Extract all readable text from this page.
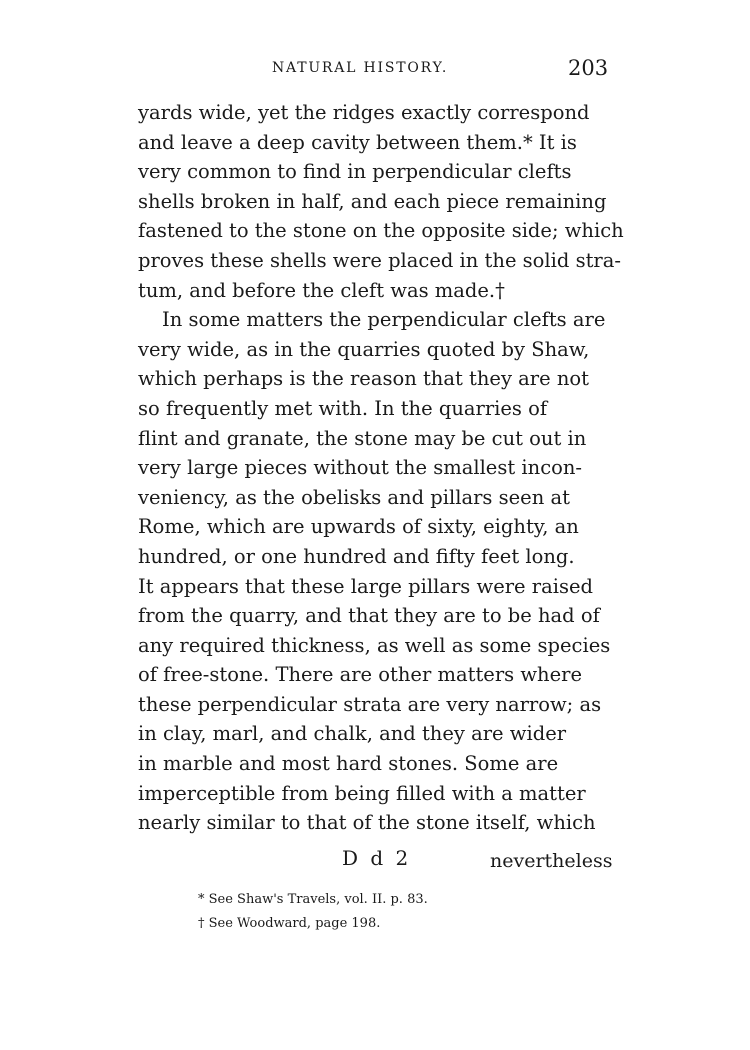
NATURAL HISTORY.	203
yards wide, yet the ridges exactly correspond
and leave a deep cavity between them.* It is
very common to find in perpendicular clefts
shells broken in half, and each piece remaining
fastened to the stone on the opposite side; which
proves these shells were placed in the solid stra-
tum, and before the cleft was made.†
In some matters the perpendicular clefts are
very wide, as in the quarries quoted by Shaw,
which perhaps is the reason that they are not
so frequently met with. In the quarries of
flint and granate, the stone may be cut out in
very large pieces without the smallest incon-
veniency, as the obelisks and pillars seen at
Rome, which are upwards of sixty, eighty, an
hundred, or one hundred and fifty feet long.
It appears that these large pillars were raised
from the quarry, and that they are to be had of
any required thickness, as well as some species
of free-stone. There are other matters where
these perpendicular strata are very narrow; as
in clay, marl, and chalk, and they are wider
in marble and most hard stones. Some are
imperceptible from being filled with a matter
nearly similar to that of the stone itself, which
D d 2	nevertheless
* See Shaw's Travels, vol. II. p. 83.
† See Woodward, page 198.
